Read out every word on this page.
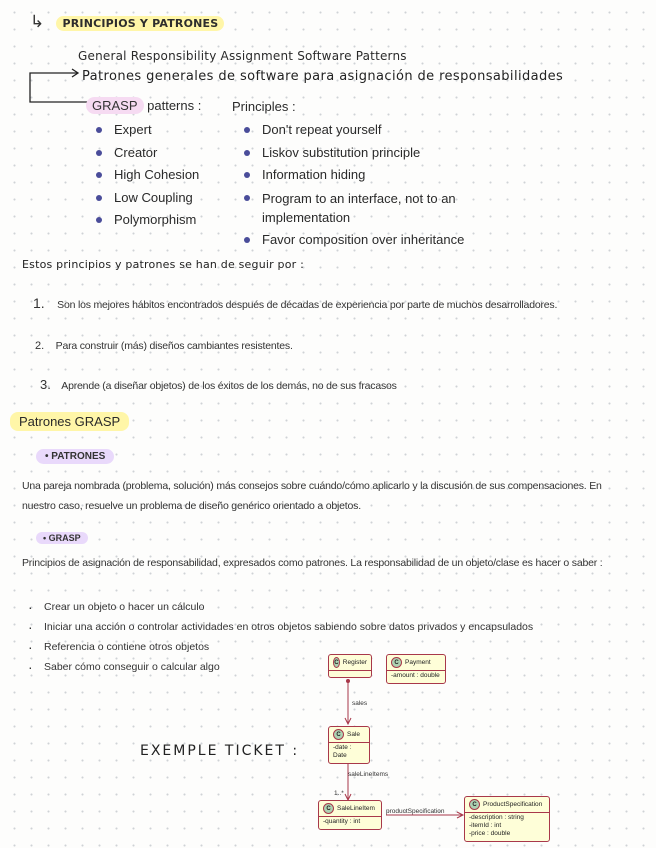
↳ PRINCIPIOS Y PATRONES
General Responsibility Assignment Software Patterns
Patrones generales de software para asignación de responsabilidades
GRASP patterns :
Expert
Creator
High Cohesion
Low Coupling
Polymorphism
Principles :
Don't repeat yourself
Liskov substitution principle
Information hiding
Program to an interface, not to an implementation
Favor composition over inheritance
Estos principios y patrones se han de seguir por :
1. Son los mejores hábitos encontrados después de décadas de experiencia por parte de muchos desarrolladores.
2. Para construir (más) diseños cambiantes resistentes.
3. Aprende (a diseñar objetos) de los éxitos de los demás, no de sus fracasos
Patrones GRASP
• PATRONES
Una pareja nombrada (problema, solución) más consejos sobre cuándo/cómo aplicarlo y la discusión de sus compensaciones. En nuestro caso, resuelve un problema de diseño genérico orientado a objetos.
• GRASP
Principios de asignación de responsabilidad, expresados como patrones. La responsabilidad de un objeto/clase es hacer o saber :
· Crear un objeto o hacer un cálculo
· Iniciar una acción o controlar actividades en otros objetos sabiendo sobre datos privados y encapsulados
· Referencia o contiene otros objetos
· Saber cómo conseguir o calcular algo
EXEMPLE TICKET :
C Register	C Payment
-amount : double
C Sale
-date : Date
C SaleLineItem
-quantity : int
C ProductSpecification
-description : string
-itemId : int
-price : double
sales
saleLineItems
1..*
productSpecification
